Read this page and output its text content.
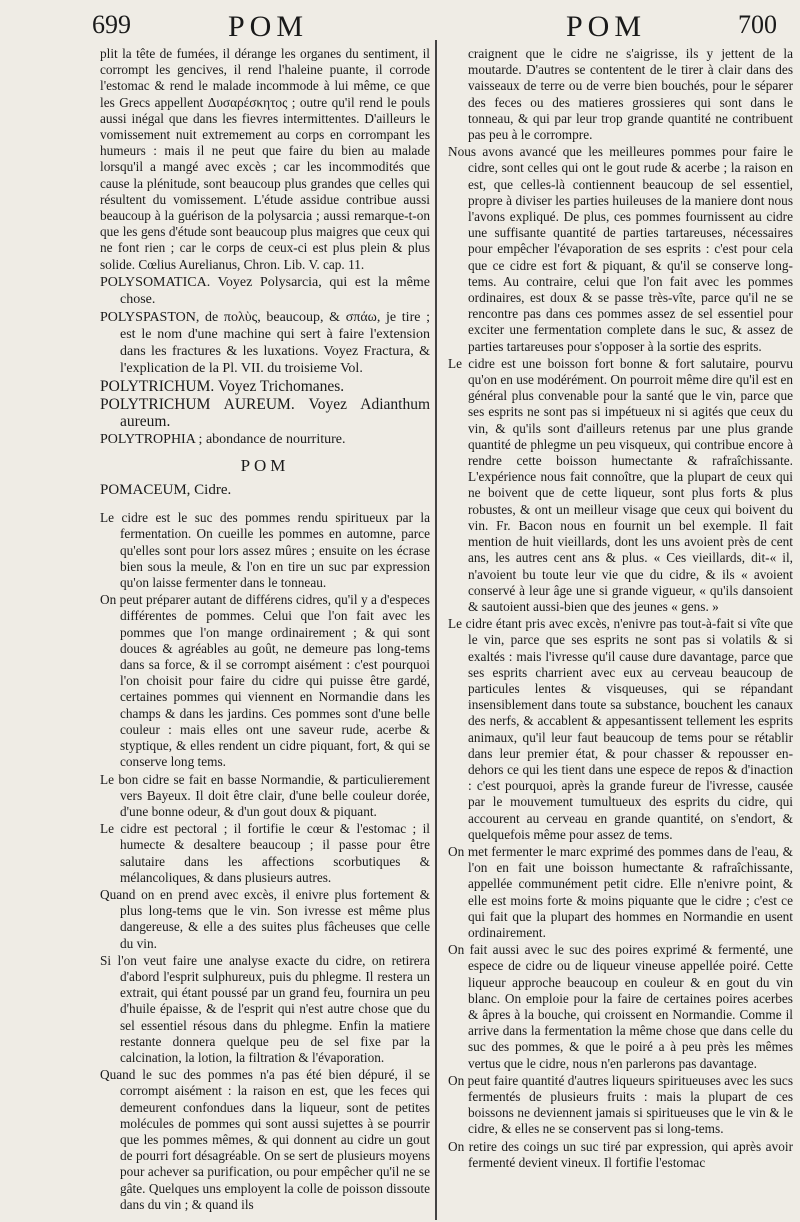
699	POM	POM	700

plit la tête de fumées, il dérange les organes du sentiment, il corrompt les gencives, il rend l'haleine puante, il corrode l'estomac & rend le malade incommode à lui même, ce que les Grecs appellent Δυσαρέσκητος ; outre qu'il rend le pouls aussi inégal que dans les fievres intermittentes. D'ailleurs le vomissement nuit extremement au corps en corrompant les humeurs : mais il ne peut que faire du bien au malade lorsqu'il a mangé avec excès ; car les incommodités que cause la plénitude, sont beaucoup plus grandes que celles qui résultent du vomissement. L'étude assidue contribue aussi beaucoup à la guérison de la polysarcia ; aussi remarque-t-on que les gens d'étude sont beaucoup plus maigres que ceux qui ne font rien ; car le corps de ceux-ci est plus plein & plus solide. Cœlius Aurelianus, Chron. Lib. V. cap. 11.

POLYSOMATICA. Voyez Polysarcia, qui est la même chose.

POLYSPASTON, de πολὺς, beaucoup, & σπάω, je tire ; est le nom d'une machine qui sert à faire l'extension dans les fractures & les luxations. Voyez Fractura, & l'explication de la Pl. VII. du troisieme Vol.

POLYTRICHUM. Voyez Trichomanes.

POLYTRICHUM AUREUM. Voyez Adianthum aureum.

POLYTROPHIA ; abondance de nourriture.

POM
POMACEUM, Cidre.

Le cidre est le suc des pommes rendu spiritueux par la fermentation. On cueille les pommes en automne, parce qu'elles sont pour lors assez mûres ; ensuite on les écrase bien sous la meule, & l'on en tire un suc par expression qu'on laisse fermenter dans le tonneau.

On peut préparer autant de différens cidres, qu'il y a d'especes différentes de pommes. Celui que l'on fait avec les pommes que l'on mange ordinairement ; & qui sont douces & agréables au goût, ne demeure pas long-tems dans sa force, & il se corrompt aisément : c'est pourquoi l'on choisit pour faire du cidre qui puisse être gardé, certaines pommes qui viennent en Normandie dans les champs & dans les jardins. Ces pommes sont d'une belle couleur : mais elles ont une saveur rude, acerbe & styptique, & elles rendent un cidre piquant, fort, & qui se conserve long tems.

Le bon cidre se fait en basse Normandie, & particulierement vers Bayeux. Il doit être clair, d'une belle couleur dorée, d'une bonne odeur, & d'un gout doux & piquant.

Le cidre est pectoral ; il fortifie le cœur & l'estomac ; il humecte & desaltere beaucoup ; il passe pour être salutaire dans les affections scorbutiques & mélancoliques, & dans plusieurs autres.

Quand on en prend avec excès, il enivre plus fortement & plus long-tems que le vin. Son ivresse est même plus dangereuse, & elle a des suites plus fâcheuses que celle du vin.

Si l'on veut faire une analyse exacte du cidre, on retirera d'abord l'esprit sulphureux, puis du phlegme. Il restera un extrait, qui étant poussé par un grand feu, fournira un peu d'huile épaisse, & de l'esprit qui n'est autre chose que du sel essentiel résous dans du phlegme. Enfin la matiere restante donnera quelque peu de sel fixe par la calcination, la lotion, la filtration & l'évaporation.

Quand le suc des pommes n'a pas été bien dépuré, il se corrompt aisément : la raison en est, que les feces qui demeurent confondues dans la liqueur, sont de petites molécules de pommes qui sont aussi sujettes à se pourrir que les pommes mêmes, & qui donnent au cidre un gout de pourri fort désagréable. On se sert de plusieurs moyens pour achever sa purification, ou pour empêcher qu'il ne se gâte. Quelques uns employent la colle de poisson dissoute dans du vin ; & quand ils

craignent que le cidre ne s'aigrisse, ils y jettent de la moutarde. D'autres se contentent de le tirer à clair dans des vaisseaux de terre ou de verre bien bouchés, pour le séparer des feces ou des matieres grossieres qui sont dans le tonneau, & qui par leur trop grande quantité ne contribuent pas peu à le corrompre.

Nous avons avancé que les meilleures pommes pour faire le cidre, sont celles qui ont le gout rude & acerbe ; la raison en est, que celles-là contiennent beaucoup de sel essentiel, propre à diviser les parties huileuses de la maniere dont nous l'avons expliqué. De plus, ces pommes fournissent au cidre une suffisante quantité de parties tartareuses, nécessaires pour empêcher l'évaporation de ses esprits : c'est pour cela que ce cidre est fort & piquant, & qu'il se conserve long-tems. Au contraire, celui que l'on fait avec les pommes ordinaires, est doux & se passe très-vîte, parce qu'il ne se rencontre pas dans ces pommes assez de sel essentiel pour exciter une fermentation complete dans le suc, & assez de parties tartareuses pour s'opposer à la sortie des esprits.

Le cidre est une boisson fort bonne & fort salutaire, pourvu qu'on en use modérément. On pourroit même dire qu'il est en général plus convenable pour la santé que le vin, parce que ses esprits ne sont pas si impétueux ni si agités que ceux du vin, & qu'ils sont d'ailleurs retenus par une plus grande quantité de phlegme un peu visqueux, qui contribue encore à rendre cette boisson humectante & rafraîchissante. L'expérience nous fait connoître, que la plupart de ceux qui ne boivent que de cette liqueur, sont plus forts & plus robustes, & ont un meilleur visage que ceux qui boivent du vin. Fr. Bacon nous en fournit un bel exemple. Il fait mention de huit vieillards, dont les uns avoient près de cent ans, les autres cent ans & plus. « Ces vieillards, dit-« il, n'avoient bu toute leur vie que du cidre, & ils « avoient conservé à leur âge une si grande vigueur, « qu'ils dansoient & sautoient aussi-bien que des jeunes « gens. »

Le cidre étant pris avec excès, n'enivre pas tout-à-fait si vîte que le vin, parce que ses esprits ne sont pas si volatils & si exaltés : mais l'ivresse qu'il cause dure davantage, parce que ses esprits charrient avec eux au cerveau beaucoup de particules lentes & visqueuses, qui se répandant insensiblement dans toute sa substance, bouchent les canaux des nerfs, & accablent & appesantissent tellement les esprits animaux, qu'il leur faut beaucoup de tems pour se rétablir dans leur premier état, & pour chasser & repousser en-dehors ce qui les tient dans une espece de repos & d'inaction : c'est pourquoi, après la grande fureur de l'ivresse, causée par le mouvement tumultueux des esprits du cidre, qui accourent au cerveau en grande quantité, on s'endort, & quelquefois même pour assez de tems.

On met fermenter le marc exprimé des pommes dans de l'eau, & l'on en fait une boisson humectante & rafraîchissante, appellée communément petit cidre. Elle n'enivre point, & elle est moins forte & moins piquante que le cidre ; c'est ce qui fait que la plupart des hommes en Normandie en usent ordinairement.

On fait aussi avec le suc des poires exprimé & fermenté, une espece de cidre ou de liqueur vineuse appellée poiré. Cette liqueur approche beaucoup en couleur & en gout du vin blanc. On emploie pour la faire de certaines poires acerbes & âpres à la bouche, qui croissent en Normandie. Comme il arrive dans la fermentation la même chose que dans celle du suc des pommes, & que le poiré a à peu près les mêmes vertus que le cidre, nous n'en parlerons pas davantage.

On peut faire quantité d'autres liqueurs spiritueuses avec les sucs fermentés de plusieurs fruits : mais la plupart de ces boissons ne deviennent jamais si spiritueuses que le vin & le cidre, & elles ne se conservent pas si long-tems.

On retire des coings un suc tiré par expression, qui après avoir fermenté devient vineux. Il fortifie l'estomac
